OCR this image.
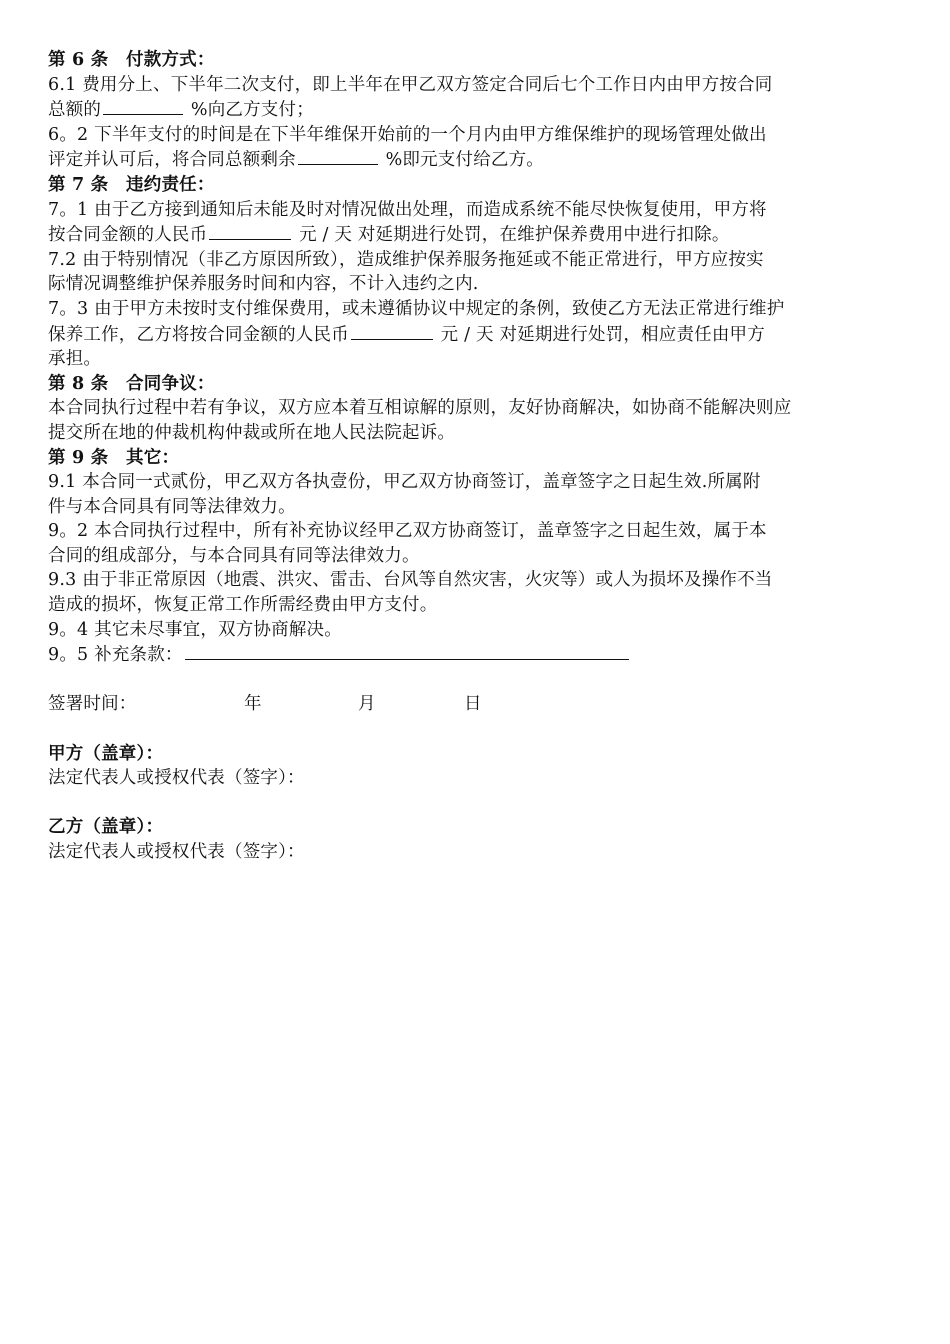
第 6 条　付款方式：
6.1 费用分上、下半年二次支付，即上半年在甲乙双方签定合同后七个工作日内由甲方按合同
总额的	%向乙方支付；
6。2 下半年支付的时间是在下半年维保开始前的一个月内由甲方维保维护的现场管理处做出
评定并认可后，将合同总额剩余	%即元支付给乙方。
第 7 条　违约责任：
7。1 由于乙方接到通知后未能及时对情况做出处理，而造成系统不能尽快恢复使用，甲方将
按合同金额的人民币	元 / 天 对延期进行处罚，在维护保养费用中进行扣除。
7.2 由于特别情况（非乙方原因所致），造成维护保养服务拖延或不能正常进行，甲方应按实
际情况调整维护保养服务时间和内容，不计入违约之内.
7。3 由于甲方未按时支付维保费用，或未遵循协议中规定的条例，致使乙方无法正常进行维护
保养工作，乙方将按合同金额的人民币	元 / 天 对延期进行处罚，相应责任由甲方
承担。
第 8 条　合同争议：
本合同执行过程中若有争议，双方应本着互相谅解的原则，友好协商解决，如协商不能解决则应
提交所在地的仲裁机构仲裁或所在地人民法院起诉。
第 9 条　其它：
9.1 本合同一式贰份，甲乙双方各执壹份，甲乙双方协商签订，盖章签字之日起生效.所属附
件与本合同具有同等法律效力。
9。2 本合同执行过程中，所有补充协议经甲乙双方协商签订，盖章签字之日起生效，属于本
合同的组成部分，与本合同具有同等法律效力。
9.3 由于非正常原因（地震、洪灾、雷击、台风等自然灾害，火灾等）或人为损坏及操作不当
造成的损坏，恢复正常工作所需经费由甲方支付。
9。4 其它未尽事宜，双方协商解决。
9。5 补充条款：
签署时间：	年	月	日
甲方（盖章）：
法定代表人或授权代表（签字）：
乙方（盖章）：
法定代表人或授权代表（签字）：
